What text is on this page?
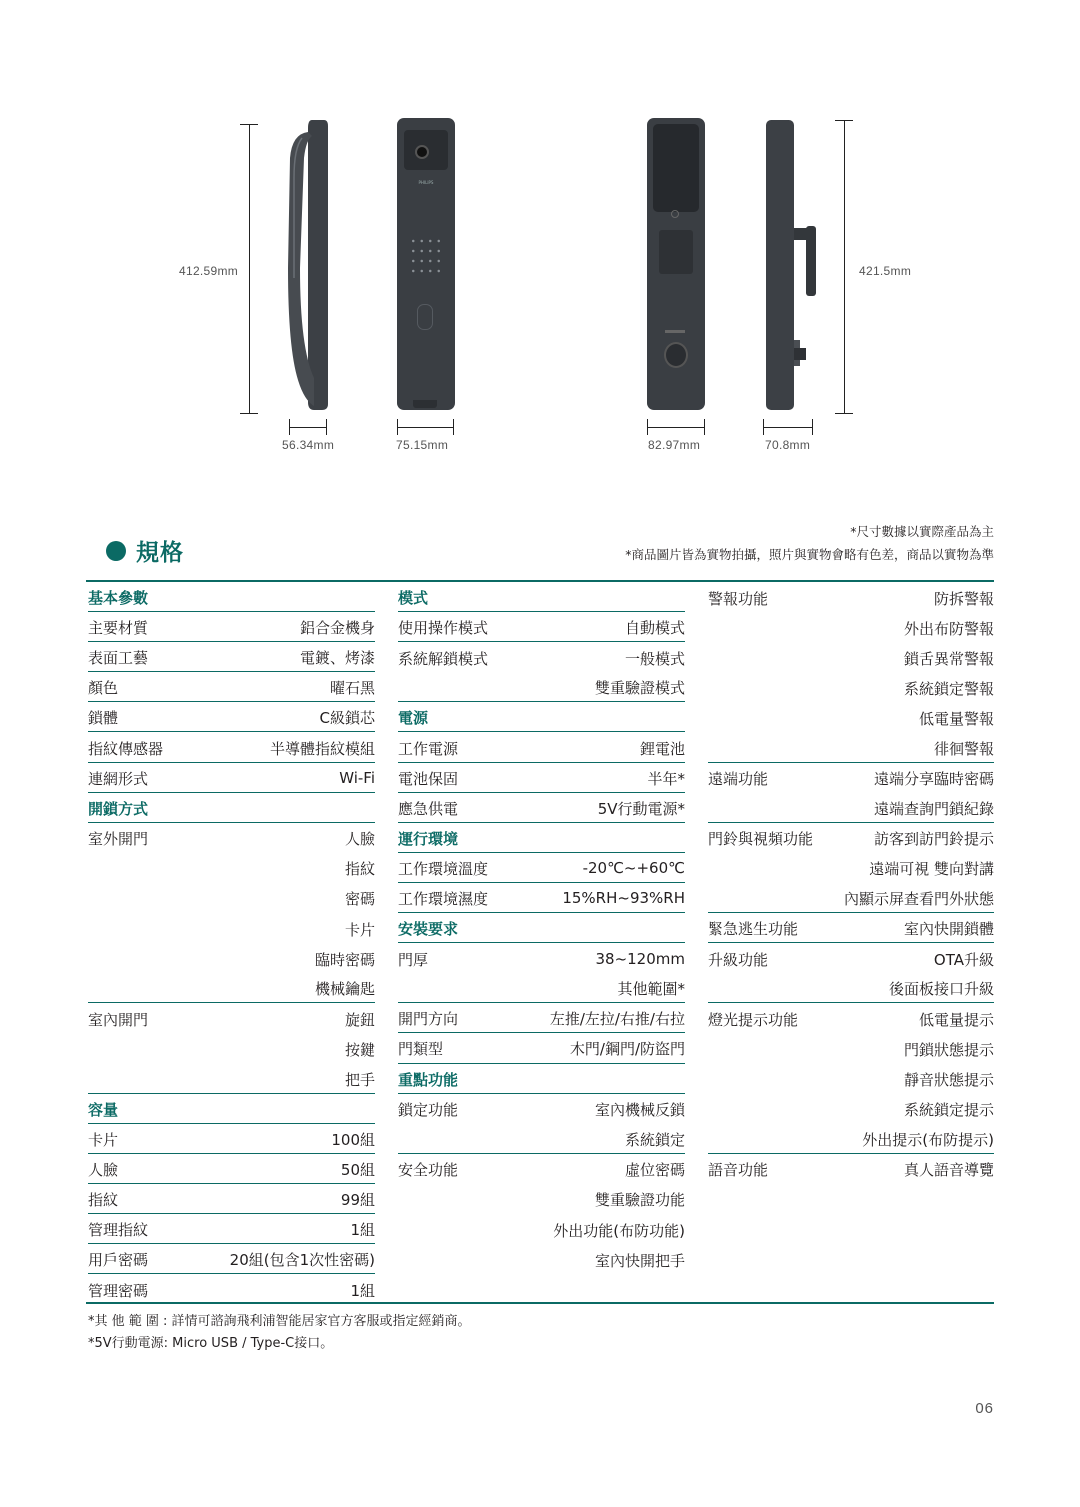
412.59mm	421.5mm
PHILIPS
56.34mm	75.15mm	82.97mm	70.8mm
規格
*尺寸數據以實際產品為主
*商品圖片皆為實物拍攝，照片與實物會略有色差，商品以實物為準
基本參數
主要材質	鋁合金機身
表面工藝	電鍍、烤漆
顏色	曜石黑
鎖體	C級鎖芯
指紋傳感器	半導體指紋模組
連網形式	Wi-Fi
開鎖方式
室外開門	人臉
指紋
密碼
卡片
臨時密碼
機械鑰匙
室內開門	旋鈕
按鍵
把手
容量
卡片	100組
人臉	50組
指紋	99組
管理指紋	1組
用戶密碼	20組(包含1次性密碼)
管理密碼	1組
模式
使用操作模式	自動模式
系統解鎖模式	一般模式
雙重驗證模式
電源
工作電源	鋰電池
電池保固	半年*
應急供電	5V行動電源*
運行環境
工作環境溫度	-20℃~+60℃
工作環境濕度	15%RH~93%RH
安裝要求
門厚	38~120mm
其他範圍*
開門方向	左推/左拉/右推/右拉
門類型	木門/鋼門/防盜門
重點功能
鎖定功能	室內機械反鎖
系統鎖定
安全功能	虛位密碼
雙重驗證功能
外出功能(布防功能)
室內快開把手
警報功能	防拆警報
外出布防警報
鎖舌異常警報
系統鎖定警報
低電量警報
徘徊警報
遠端功能	遠端分享臨時密碼
遠端查詢門鎖紀錄
門鈴與視頻功能	訪客到訪門鈴提示
遠端可視 雙向對講
內顯示屏查看門外狀態
緊急逃生功能	室內快開鎖體
升級功能	OTA升級
後面板接口升級
燈光提示功能	低電量提示
門鎖狀態提示
靜音狀態提示
系統鎖定提示
外出提示(布防提示)
語音功能	真人語音導覽
*其 他 範 圍 : 詳情可諮詢飛利浦智能居家官方客服或指定經銷商。
*5V行動電源: Micro USB / Type-C接口。
06
